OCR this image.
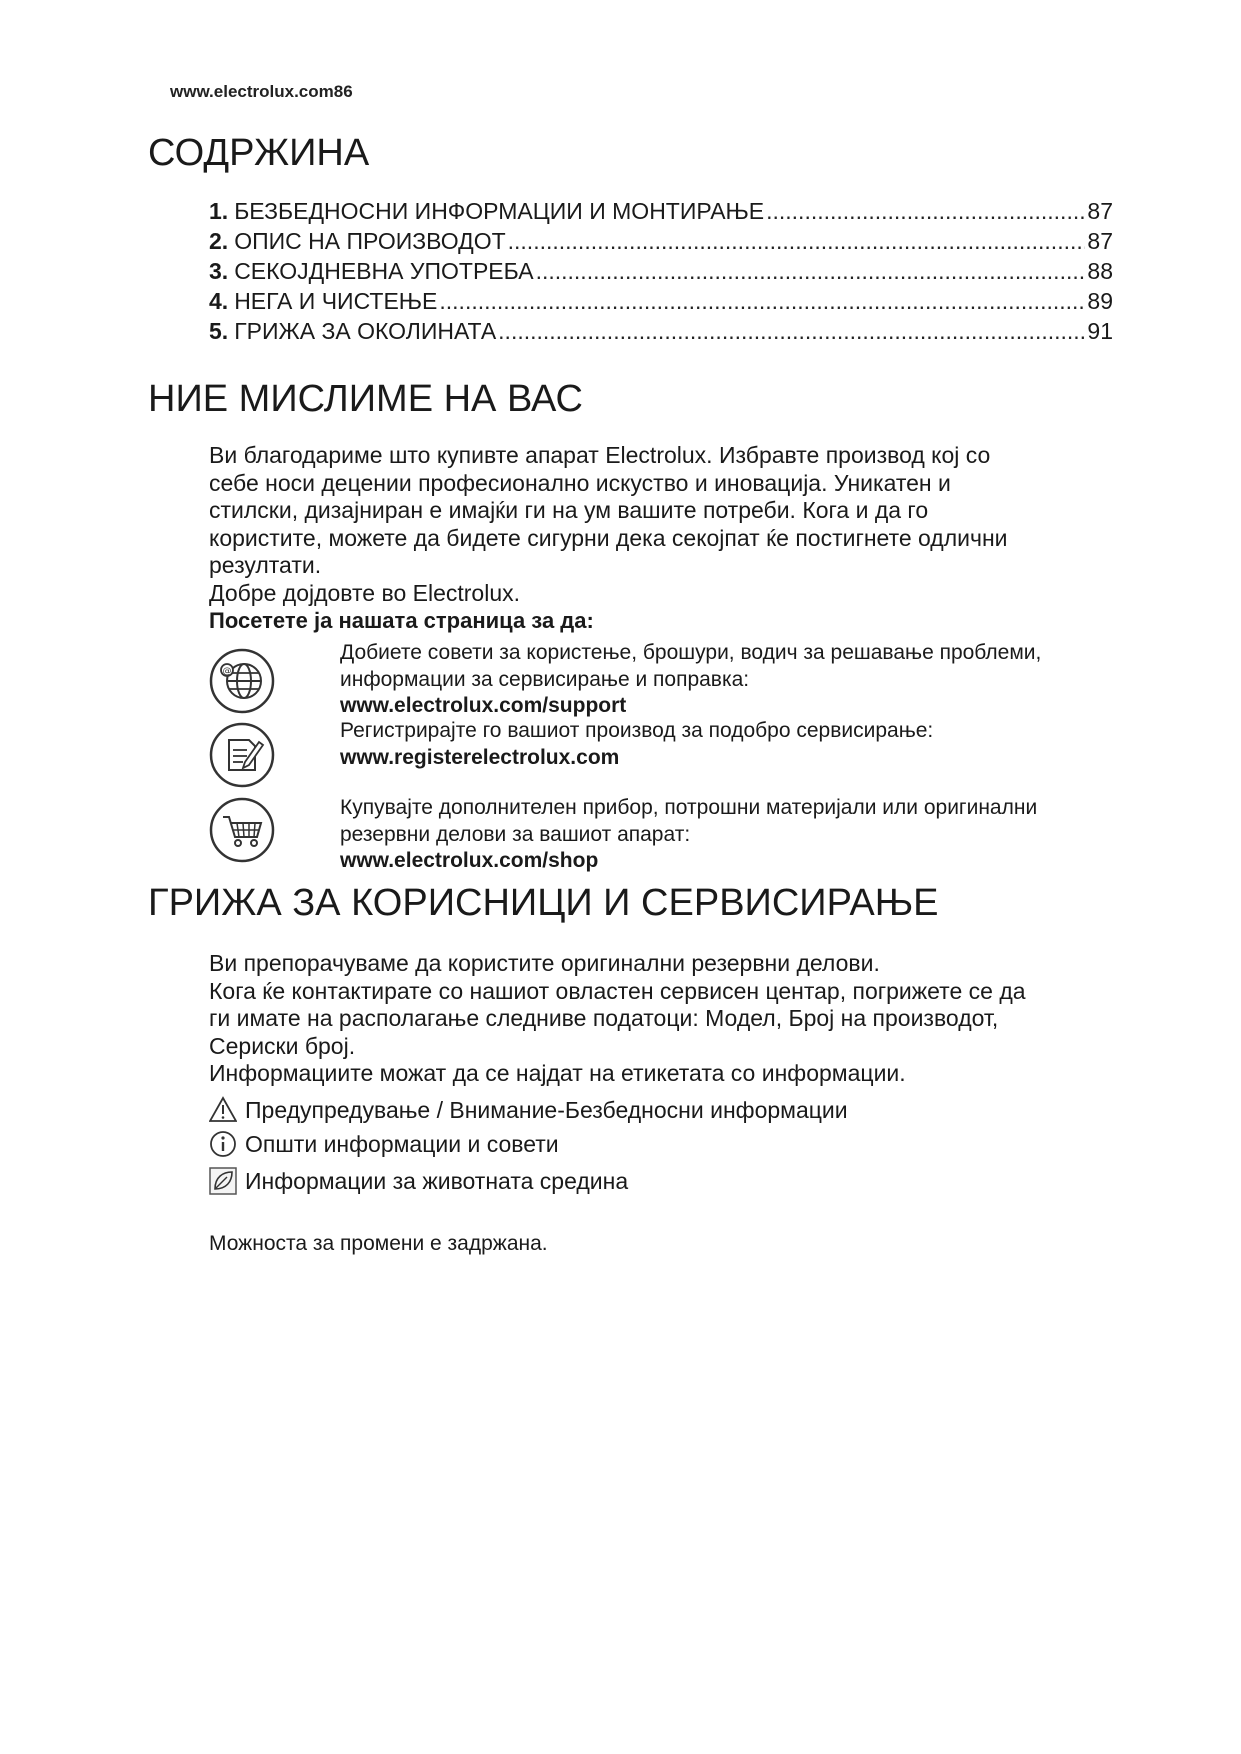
www.electrolux.com86
СОДРЖИНА
1. БЕЗБЕДНОСНИ ИНФОРМАЦИИ И МОНТИРАЊЕ .....	87
2. ОПИС НА ПРОИЗВОДОТ .....	87
3. СЕКОЈДНЕВНА УПОТРЕБА .....	88
4. НЕГА И ЧИСТЕЊЕ .....	89
5. ГРИЖА ЗА ОКОЛИНАТА .....	91
НИЕ МИСЛИМЕ НА ВАС
Ви благодариме што купивте апарат Electrolux. Избравте производ кој со
себе носи децении професионално искуство и иновација. Уникатен и
стилски, дизајниран е имајќи ги на ум вашите потреби. Кога и да го
користите, можете да бидете сигурни дека секојпат ќе постигнете одлични
резултати.
Добре дојдовте во Electrolux.
Посетете ја нашата страница за да:
@
Добиете совети за користење, брошури, водич за решавање проблеми, информации за сервисирање и поправка:
www.electrolux.com/support
Регистрирајте го вашиот производ за подобро сервисирање:
www.registerelectrolux.com
Купувајте дополнителен прибор, потрошни материјали или оригинални резервни делови за вашиот апарат:
www.electrolux.com/shop
ГРИЖА ЗА КОРИСНИЦИ И СЕРВИСИРАЊЕ
Ви препорачуваме да користите оригинални резервни делови.
Кога ќе контактирате со нашиот овластен сервисен центар, погрижете се да
ги имате на располагање следниве податоци: Модел, Број на производот,
Сериски број.
Информациите можат да се најдат на етикетата со информации.
Предупредување / Внимание-Безбедносни информации
Општи информации и совети
Информации за животната средина
Можноста за промени е задржана.
